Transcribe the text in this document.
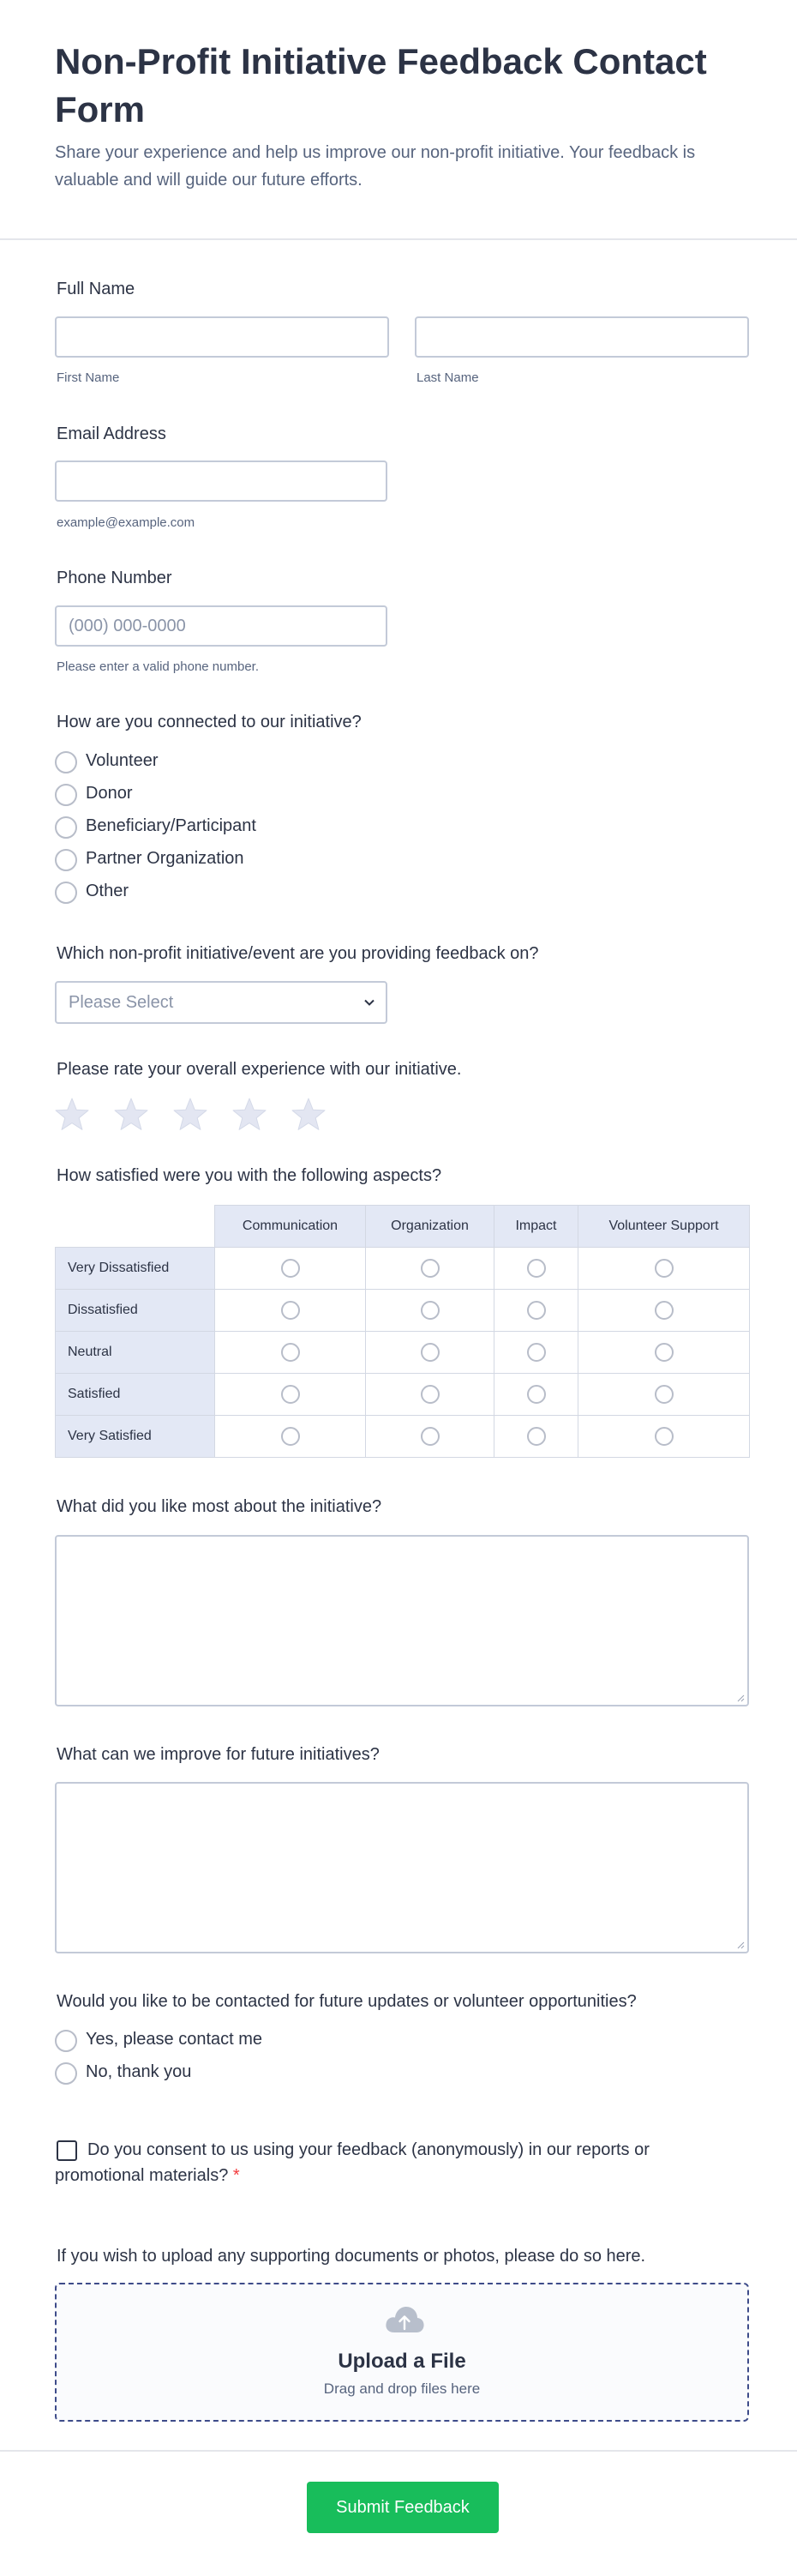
Non-Profit Initiative Feedback Contact Form

Share your experience and help us improve our non-profit initiative. Your feedback is valuable and will guide our future efforts.

Full Name
First Name	Last Name
Email Address
example@example.com
Phone Number
(000) 000-0000
Please enter a valid phone number.
How are you connected to our initiative?
Volunteer
Donor
Beneficiary/Participant
Partner Organization
Other
Which non-profit initiative/event are you providing feedback on?
Please Select
Please rate your overall experience with our initiative.
How satisfied were you with the following aspects?
	Communication	Organization	Impact	Volunteer Support
Very Dissatisfied	

Dissatisfied	

Neutral	

Satisfied	

Very Satisfied	

What did you like most about the initiative?
What can we improve for future initiatives?
Would you like to be contacted for future updates or volunteer opportunities?
Yes, please contact me
No, thank you
Do you consent to us using your feedback (anonymously) in our reports or promotional materials? *
If you wish to upload any supporting documents or photos, please do so here.
Upload a File
Drag and drop files here
Submit Feedback
